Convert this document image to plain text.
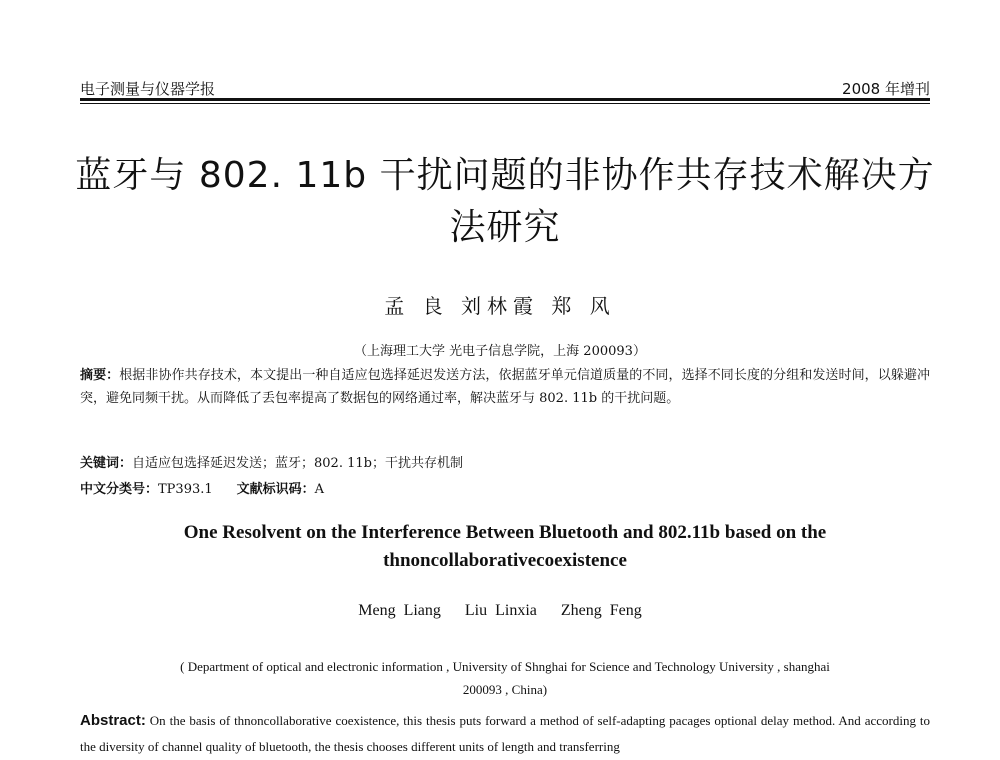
电子测量与仪器学报	2008 年增刊
蓝牙与 802. 11b 干扰问题的非协作共存技术解决方
法研究
孟 良 刘林霞 郑 风
（上海理工大学 光电子信息学院，上海 200093）
摘要：根据非协作共存技术，本文提出一种自适应包选择延迟发送方法，依据蓝牙单元信道质量的不同，选择不同长度的分组和发送时间，以躲避冲突，避免同频干扰。从而降低了丢包率提高了数据包的网络通过率，解决蓝牙与 802. 11b 的干扰问题。
关键词：自适应包选择延迟发送；蓝牙；802. 11b；干扰共存机制
中文分类号：TP393.1 文献标识码：A
One Resolvent on the Interference Between Bluetooth and 802.11b based on the
thnoncollaborativecoexistence
Meng Liang Liu Linxia Zheng Feng
( Department of optical and electronic information , University of Shnghai for Science and Technology University , shanghai
200093 , China)
Abstract: On the basis of thnoncollaborative coexistence, this thesis puts forward a method of self-adapting pacages optional delay method. And according to the diversity of channel quality of bluetooth, the thesis chooses different units of length and transferring
